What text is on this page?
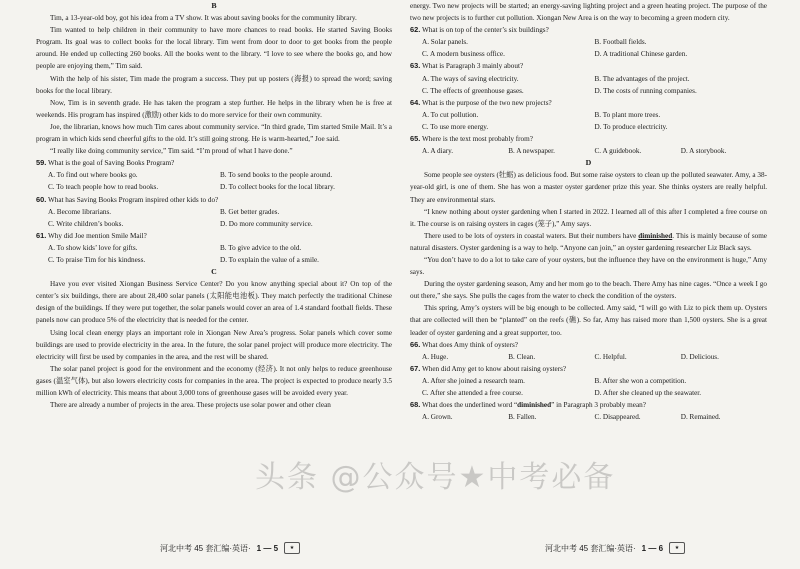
B

Tim, a 13-year-old boy, got his idea from a TV show. It was about saving books for the community library.

Tim wanted to help children in their community to have more chances to read books. He started Saving Books Program. Its goal was to collect books for the local library. Tim went from door to door to get books from the people around. He ended up collecting 260 books. All the books went to the library. “I love to see where the books go, and how people are enjoying them,” Tim said.

With the help of his sister, Tim made the program a success. They put up posters (海报) to spread the word; saving books for the local library.

Now, Tim is in seventh grade. He has taken the program a step further. He helps in the library when he is free at weekends. His program has inspired (激励) other kids to do more service for their own community.

Joe, the librarian, knows how much Tim cares about community service. “In third grade, Tim started Smile Mail. It’s a program in which kids send cheerful gifts to the old. It’s still going strong. He is warm-hearted,” Joe said.

“I really like doing community service,” Tim said. “I’m proud of what I have done.”

59. What is the goal of Saving Books Program?

A. To find out where books go.	B. To send books to the people around.
C. To teach people how to read books.	D. To collect books for the local library.

60. What has Saving Books Program inspired other kids to do?

A. Become librarians.	B. Get better grades.
C. Write children’s books.	D. Do more community service.

61. Why did Joe mention Smile Mail?

A. To show kids’ love for gifts.	B. To give advice to the old.
C. To praise Tim for his kindness.	D. To explain the value of a smile.

C

Have you ever visited Xiongan Business Service Center? Do you know anything special about it? On top of the center’s six buildings, there are about 28,400 solar panels (太阳能电池板). They match perfectly the traditional Chinese design of the buildings. If they were put together, the solar panels would cover an area of 1.4 standard football fields. These panels now can produce 5% of the electricity that is needed for the center.

Using local clean energy plays an important role in Xiongan New Area’s progress. Solar panels which cover some buildings are used to provide electricity in the area. In the future, the solar panel project will produce more electricity. The electricity will first be used by companies in the area, and the rest will be shared.

The solar panel project is good for the environment and the economy (经济). It not only helps to reduce greenhouse gases (温室气体), but also lowers electricity costs for companies in the area. The project is expected to produce nearly 3.5 million kWh of electricity. This means that about 3,000 tons of greenhouse gases will be avoided every year.

There are already a number of projects in the area. These projects use solar power and other clean

energy. Two new projects will be started; an energy-saving lighting project and a green heating project. The purpose of the two new projects is to further cut pollution. Xiongan New Area is on the way to becoming a green modern city.

62. What is on top of the center’s six buildings?

A. Solar panels.	B. Football fields.
C. A modern business office.	D. A traditional Chinese garden.

63. What is Paragraph 3 mainly about?

A. The ways of saving electricity.	B. The advantages of the project.
C. The effects of greenhouse gases.	D. The costs of running companies.

64. What is the purpose of the two new projects?

A. To cut pollution.	B. To plant more trees.
C. To use more energy.	D. To produce electricity.

65. Where is the text most probably from?

A. A diary.	B. A newspaper.	C. A guidebook.	D. A storybook.

D

Some people see oysters (牡蛎) as delicious food. But some raise oysters to clean up the polluted seawater. Amy, a 38-year-old girl, is one of them. She has won a master oyster gardener prize this year. She thinks oysters are really helpful. They are environmental stars.

“I knew nothing about oyster gardening when I started in 2022. I learned all of this after I completed a free course on it. The course is on raising oysters in cages (笼子),” Amy says.

There used to be lots of oysters in coastal waters. But their numbers have diminished. This is mainly because of some natural disasters. Oyster gardening is a way to help. “Anyone can join,” an oyster gardening researcher Liz Black says.

“You don’t have to do a lot to take care of your oysters, but the influence they have on the environment is huge,” Amy says.

During the oyster gardening season, Amy and her mom go to the beach. There Amy has nine cages. “Once a week I go out there,” she says. She pulls the cages from the water to check the condition of the oysters.

This spring, Amy’s oysters will be big enough to be collected. Amy said, “I will go with Liz to pick them up. Oysters that are collected will then be “planted” on the reefs (礁). So far, Amy has raised more than 1,500 oysters. She is a great leader of oyster gardening and a great supporter, too.

66. What does Amy think of oysters?

A. Huge.	B. Clean.	C. Helpful.	D. Delicious.

67. When did Amy get to know about raising oysters?

A. After she joined a research team.	B. After she won a competition.
C. After she attended a free course.	D. After she cleaned up the seawater.

68. What does the underlined word “diminished” in Paragraph 3 probably mean?

A. Grown.	B. Fallen.	C. Disappeared.	D. Remained.
河北中考 45 套汇编·英语· 1 — 5	★	河北中考 45 套汇编·英语· 1 — 6	★
头条 @公众号★中考必备
